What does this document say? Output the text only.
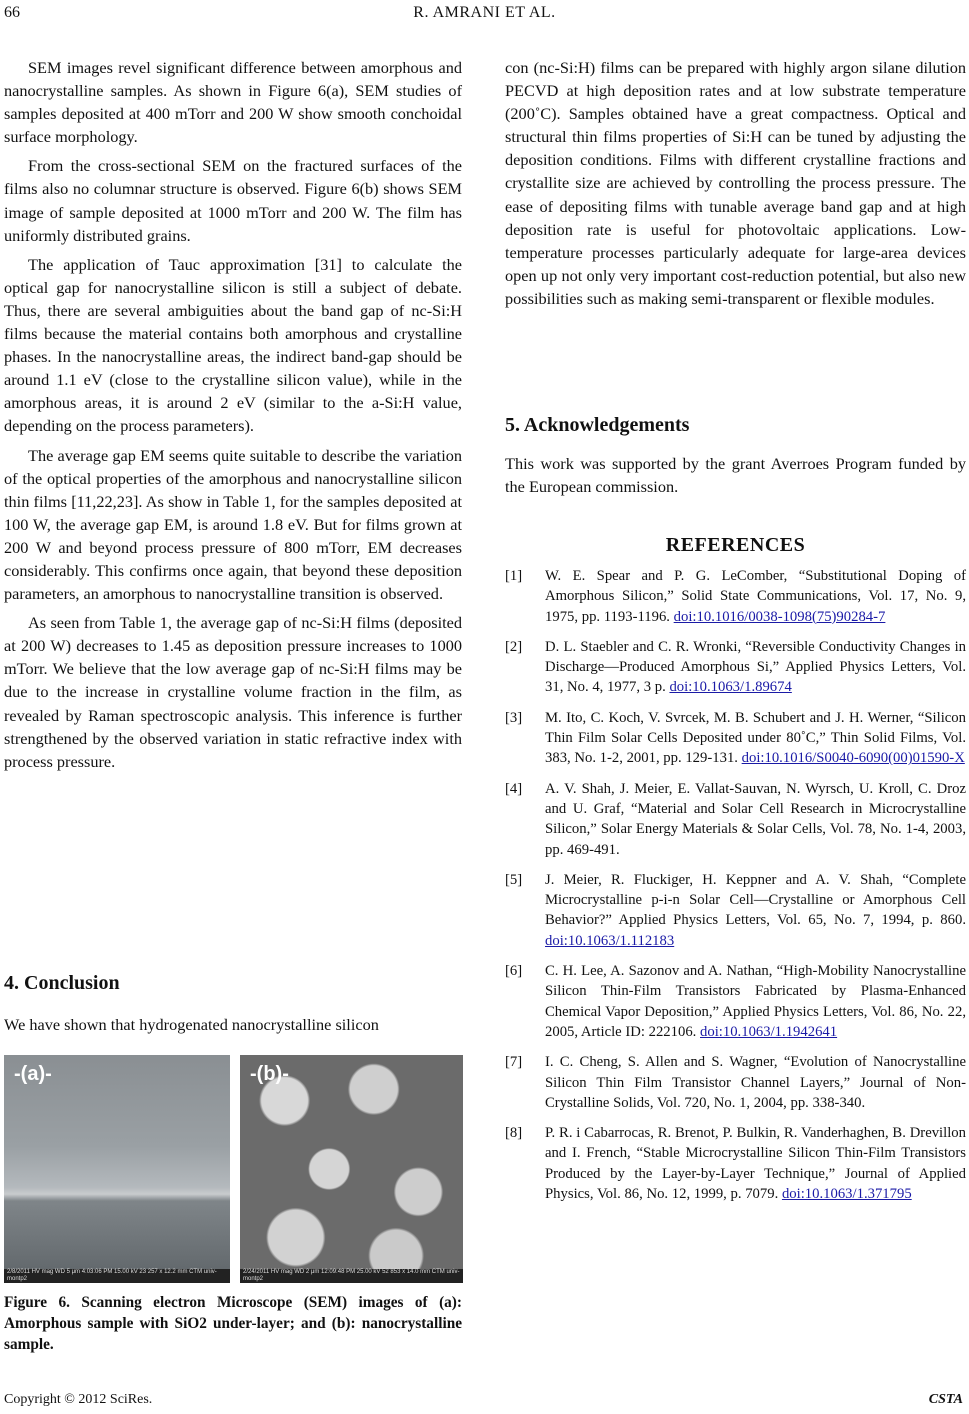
66	R. AMRANI ET AL.

SEM images revel significant difference between amorphous and nanocrystalline samples. As shown in Figure 6(a), SEM studies of samples deposited at 400 mTorr and 200 W show smooth conchoidal surface morphology.

From the cross-sectional SEM on the fractured surfaces of the films also no columnar structure is observed. Figure 6(b) shows SEM image of sample deposited at 1000 mTorr and 200 W. The film has uniformly distributed grains.

The application of Tauc approximation [31] to calculate the optical gap for nanocrystalline silicon is still a subject of debate. Thus, there are several ambiguities about the band gap of nc-Si:H films because the material contains both amorphous and crystalline phases. In the nanocrystalline areas, the indirect band-gap should be around 1.1 eV (close to the crystalline silicon value), while in the amorphous areas, it is around 2 eV (similar to the a-Si:H value, depending on the process parameters).

The average gap EM seems quite suitable to describe the variation of the optical properties of the amorphous and nanocrystalline silicon thin films [11,22,23]. As show in Table 1, for the samples deposited at 100 W, the average gap EM, is around 1.8 eV. But for films grown at 200 W and beyond process pressure of 800 mTorr, EM decreases considerably. This confirms once again, that beyond these deposition parameters, an amorphous to nanocrystalline transition is observed.

As seen from Table 1, the average gap of nc-Si:H films (deposited at 200 W) decreases to 1.45 as deposition pressure increases to 1000 mTorr. We believe that the low average gap of nc-Si:H films may be due to the increase in crystalline volume fraction in the film, as revealed by Raman spectroscopic analysis. This inference is further strengthened by the observed variation in static refractive index with process pressure.

4. Conclusion

We have shown that hydrogenated nanocrystalline silicon

-(a)-
2/8/2011 HV mag WD 5 μm 4:03:06 PM 15.00 kV 23 257 x 12.2 mm CTM univ-montp2
-(b)-
2/24/2011 HV mag WD 2 μm 12:09:48 PM 25.00 kV 52 853 x 14.0 mm CTM univ-montp2
Figure 6. Scanning electron Microscope (SEM) images of (a): Amorphous sample with SiO2 under-layer; and (b): nanocrystalline sample.

con (nc-Si:H) films can be prepared with highly argon silane dilution PECVD at high deposition rates and at low substrate temperature (200˚C). Samples obtained have a great compactness. Optical and structural thin films properties of Si:H can be tuned by adjusting the deposition conditions. Films with different crystalline fractions and crystallite size are achieved by controlling the process pressure. The ease of depositing films with tunable average band gap and at high deposition rate is useful for photovoltaic applications. Low-temperature processes particularly adequate for large-area devices open up not only very important cost-reduction potential, but also new possibilities such as making semi-transparent or flexible modules.

5. Acknowledgements

This work was supported by the grant Averroes Program funded by the European commission.

REFERENCES
[1] W. E. Spear and P. G. LeComber, “Substitutional Doping of Amorphous Silicon,” Solid State Communications, Vol. 17, No. 9, 1975, pp. 1193-1196. doi:10.1016/0038-1098(75)90284-7
[2] D. L. Staebler and C. R. Wronki, “Reversible Conductivity Changes in Discharge—Produced Amorphous Si,” Applied Physics Letters, Vol. 31, No. 4, 1977, 3 p. doi:10.1063/1.89674
[3] M. Ito, C. Koch, V. Svrcek, M. B. Schubert and J. H. Werner, “Silicon Thin Film Solar Cells Deposited under 80˚C,” Thin Solid Films, Vol. 383, No. 1-2, 2001, pp. 129-131. doi:10.1016/S0040-6090(00)01590-X
[4] A. V. Shah, J. Meier, E. Vallat-Sauvan, N. Wyrsch, U. Kroll, C. Droz and U. Graf, “Material and Solar Cell Research in Microcrystalline Silicon,” Solar Energy Materials & Solar Cells, Vol. 78, No. 1-4, 2003, pp. 469-491.
[5] J. Meier, R. Fluckiger, H. Keppner and A. V. Shah, “Complete Microcrystalline p-i-n Solar Cell—Crystalline or Amorphous Cell Behavior?” Applied Physics Letters, Vol. 65, No. 7, 1994, p. 860. doi:10.1063/1.112183
[6] C. H. Lee, A. Sazonov and A. Nathan, “High-Mobility Nanocrystalline Silicon Thin-Film Transistors Fabricated by Plasma-Enhanced Chemical Vapor Deposition,” Applied Physics Letters, Vol. 86, No. 22, 2005, Article ID: 222106. doi:10.1063/1.1942641
[7] I. C. Cheng, S. Allen and S. Wagner, “Evolution of Nanocrystalline Silicon Thin Film Transistor Channel Layers,” Journal of Non-Crystalline Solids, Vol. 720, No. 1, 2004, pp. 338-340.
[8] P. R. i Cabarrocas, R. Brenot, P. Bulkin, R. Vanderhaghen, B. Drevillon and I. French, “Stable Microcrystalline Silicon Thin-Film Transistors Produced by the Layer-by-Layer Technique,” Journal of Applied Physics, Vol. 86, No. 12, 1999, p. 7079. doi:10.1063/1.371795
Copyright © 2012 SciRes.	CSTA
